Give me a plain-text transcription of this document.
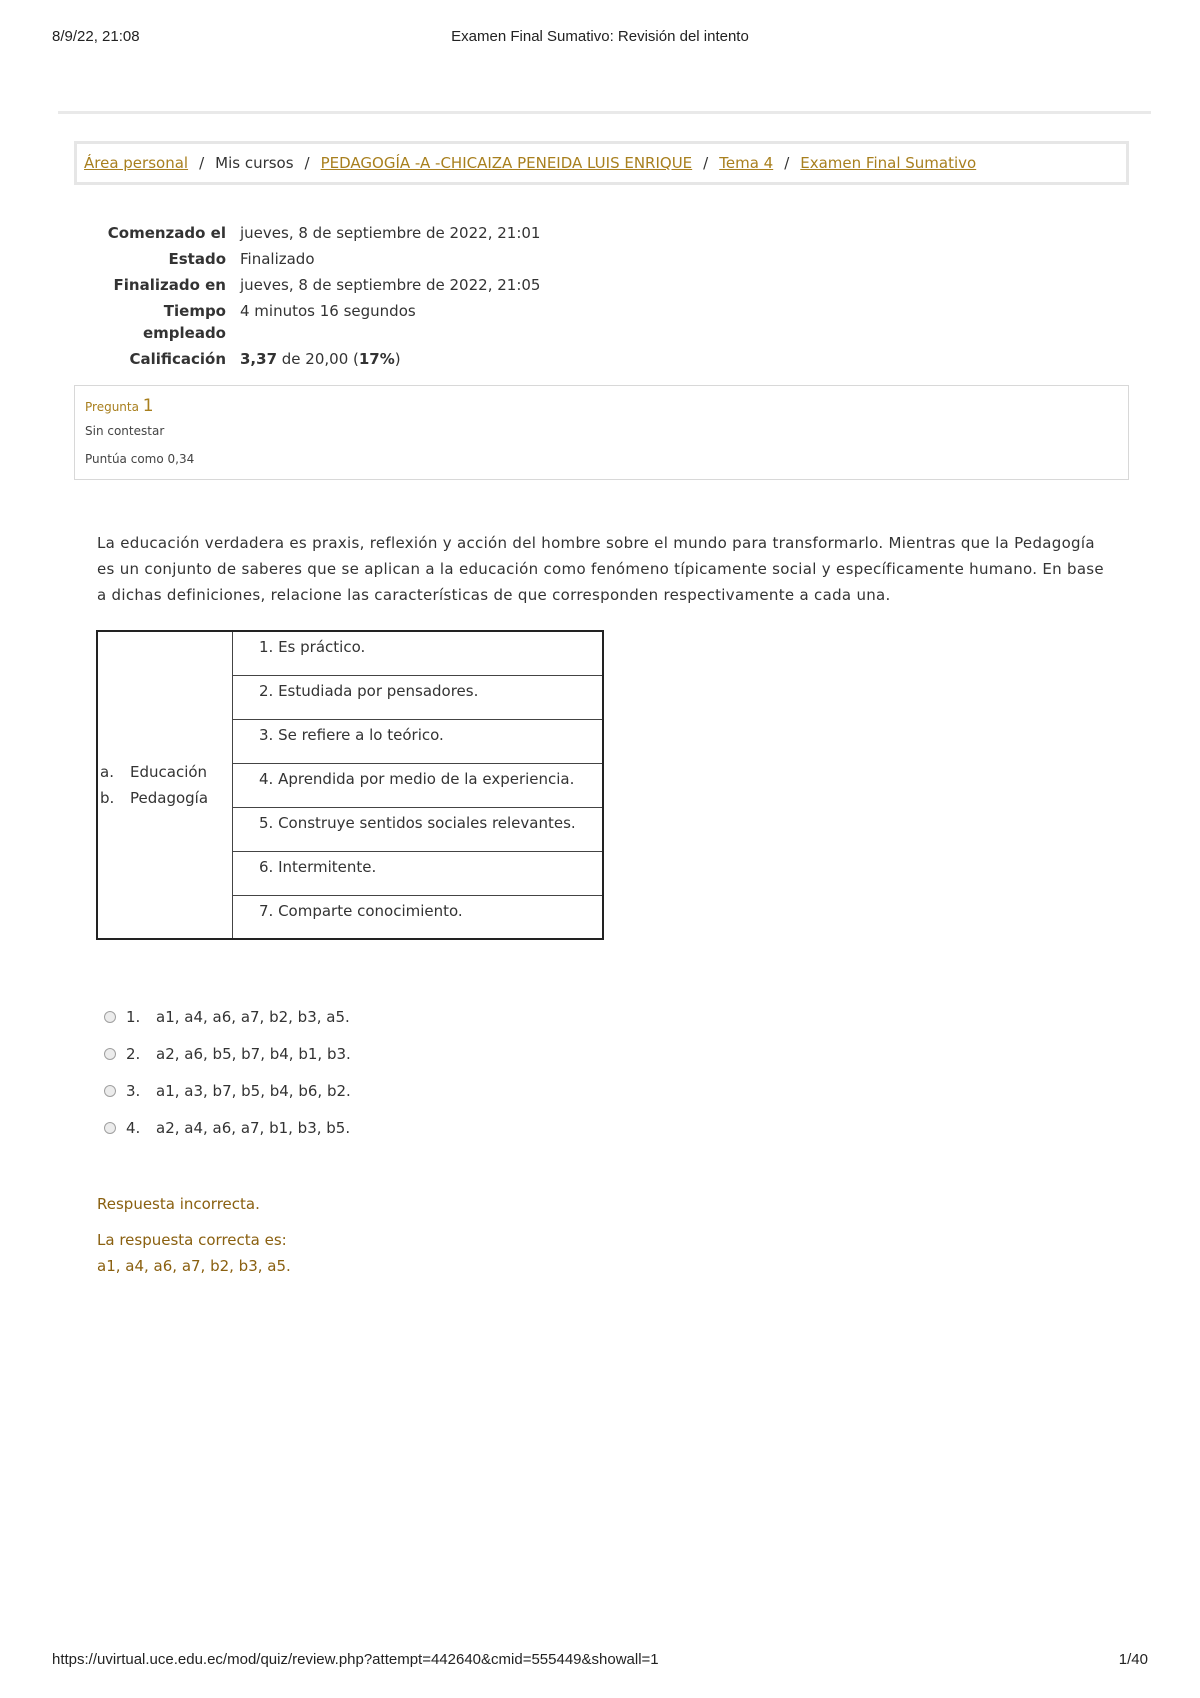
8/9/22, 21:08	Examen Final Sumativo: Revisión del intento
Área personal / Mis cursos / PEDAGOGÍA -A -CHICAIZA PENEIDA LUIS ENRIQUE / Tema 4 / Examen Final Sumativo
Comenzado el	jueves, 8 de septiembre de 2022, 21:01
Estado	Finalizado
Finalizado en	jueves, 8 de septiembre de 2022, 21:05
Tiempo empleado	4 minutos 16 segundos
Calificación	3,37 de 20,00 (17%)
Pregunta 1
Sin contestar
Puntúa como 0,34
La educación verdadera es praxis, reflexión y acción del hombre sobre el mundo para transformarlo. Mientras que la Pedagogía es un conjunto de saberes que se aplican a la educación como fenómeno típicamente social y específicamente humano. En base a dichas definiciones, relacione las características de que corresponden respectivamente a cada una.
a.	Educación
b.	Pedagogía

1. Es práctico.

2. Estudiada por pensadores.

3. Se refiere a lo teórico.

4. Aprendida por medio de la experiencia.

5. Construye sentidos sociales relevantes.

6. Intermitente.

7. Comparte conocimiento.
1.	a1, a4, a6, a7, b2, b3, a5.
2.	a2, a6, b5, b7, b4, b1, b3.
3.	a1, a3, b7, b5, b4, b6, b2.
4.	a2, a4, a6, a7, b1, b3, b5.
Respuesta incorrecta.
La respuesta correcta es:
a1, a4, a6, a7, b2, b3, a5.
https://uvirtual.uce.edu.ec/mod/quiz/review.php?attempt=442640&cmid=555449&showall=1	1/40
